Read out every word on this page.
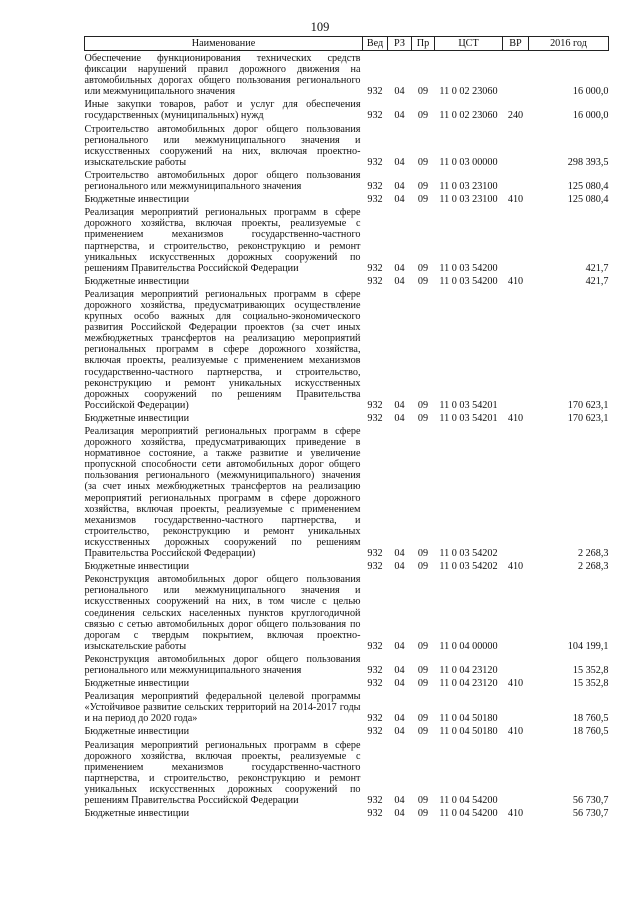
109
Наименование	Вед	РЗ	Пр	ЦСТ	ВР	2016 год
Обеспечение функционирования технических средств фиксации нарушений правил дорожного движения на автомобильных дорогах общего пользования регионального или межмуниципального значения	932	04	09	11 0 02 23060		16 000,0
Иные закупки товаров, работ и услуг для обеспечения государственных (муниципальных) нужд	932	04	09	11 0 02 23060	240	16 000,0
Строительство автомобильных дорог общего пользования регионального или межмуниципального значения и искусственных сооружений на них, включая проектно-изыскательские работы	932	04	09	11 0 03 00000		298 393,5
Строительство автомобильных дорог общего пользования регионального или межмуниципального значения	932	04	09	11 0 03 23100		125 080,4
Бюджетные инвестиции	932	04	09	11 0 03 23100	410	125 080,4
Реализация мероприятий региональных программ в сфере дорожного хозяйства, включая проекты, реализуемые с применением механизмов государственно-частного партнерства, и строительство, реконструкцию и ремонт уникальных искусственных дорожных сооружений по решениям Правительства Российской Федерации	932	04	09	11 0 03 54200		421,7
Бюджетные инвестиции	932	04	09	11 0 03 54200	410	421,7
Реализация мероприятий региональных программ в сфере дорожного хозяйства, предусматривающих осуществление крупных особо важных для социально-экономического развития Российской Федерации проектов (за счет иных межбюджетных трансфертов на реализацию мероприятий региональных программ в сфере дорожного хозяйства, включая проекты, реализуемые с применением механизмов государственно-частного партнерства, и строительство, реконструкцию и ремонт уникальных искусственных дорожных сооружений по решениям Правительства Российской Федерации)	932	04	09	11 0 03 54201		170 623,1
Бюджетные инвестиции	932	04	09	11 0 03 54201	410	170 623,1
Реализация мероприятий региональных программ в сфере дорожного хозяйства, предусматривающих приведение в нормативное состояние, а также развитие и увеличение пропускной способности сети автомобильных дорог общего пользования регионального (межмуниципального) значения (за счет иных межбюджетных трансфертов на реализацию мероприятий региональных программ в сфере дорожного хозяйства, включая проекты, реализуемые с применением механизмов государственно-частного партнерства, и строительство, реконструкцию и ремонт уникальных искусственных дорожных сооружений по решениям Правительства Российской Федерации)	932	04	09	11 0 03 54202		2 268,3
Бюджетные инвестиции	932	04	09	11 0 03 54202	410	2 268,3
Реконструкция автомобильных дорог общего пользования регионального или межмуниципального значения и искусственных сооружений на них, в том числе с целью соединения сельских населенных пунктов круглогодичной связью с сетью автомобильных дорог общего пользования по дорогам с твердым покрытием, включая проектно-изыскательские работы	932	04	09	11 0 04 00000		104 199,1
Реконструкция автомобильных дорог общего пользования регионального или межмуниципального значения	932	04	09	11 0 04 23120		15 352,8
Бюджетные инвестиции	932	04	09	11 0 04 23120	410	15 352,8
Реализация мероприятий федеральной целевой программы «Устойчивое развитие сельских территорий на 2014-2017 годы и на период до 2020 года»	932	04	09	11 0 04 50180		18 760,5
Бюджетные инвестиции	932	04	09	11 0 04 50180	410	18 760,5
Реализация мероприятий региональных программ в сфере дорожного хозяйства, включая проекты, реализуемые с применением механизмов государственно-частного партнерства, и строительство, реконструкцию и ремонт уникальных искусственных дорожных сооружений по решениям Правительства Российской Федерации	932	04	09	11 0 04 54200		56 730,7
Бюджетные инвестиции	932	04	09	11 0 04 54200	410	56 730,7
